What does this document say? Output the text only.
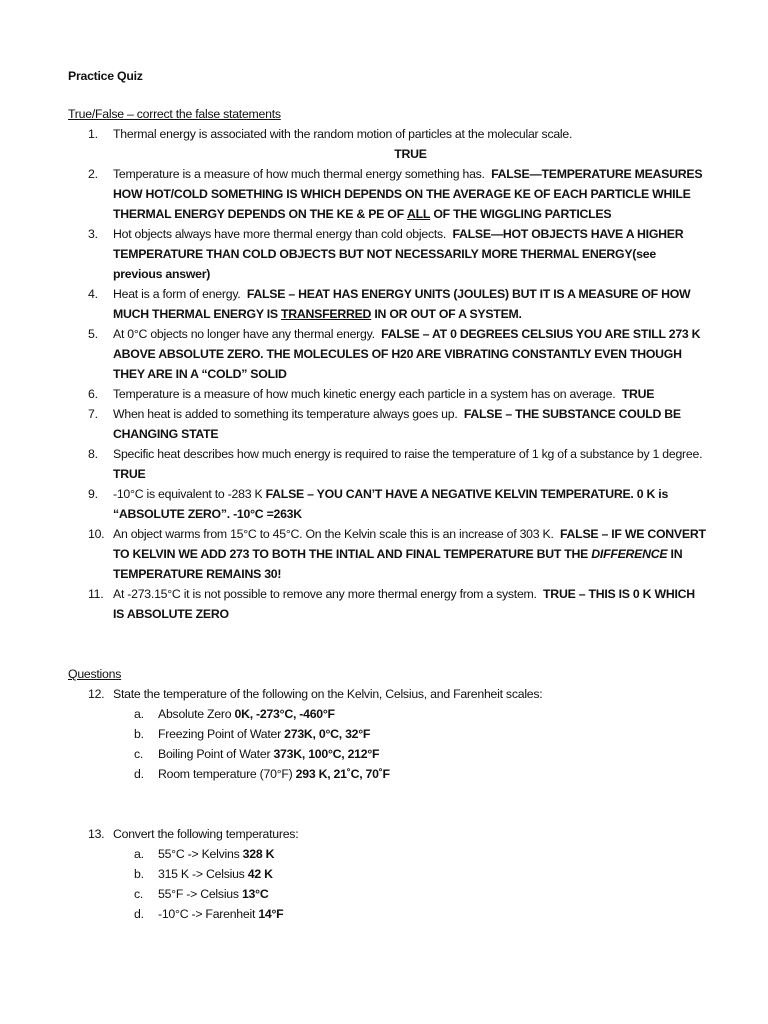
Practice Quiz

True/False – correct the false statements

1.	Thermal energy is associated with the random motion of particles at the molecular scale.
TRUE
2.	Temperature is a measure of how much thermal energy something has. FALSE—TEMPERATURE MEASURES HOW HOT/COLD SOMETHING IS WHICH DEPENDS ON THE AVERAGE KE OF EACH PARTICLE WHILE THERMAL ENERGY DEPENDS ON THE KE & PE OF ALL OF THE WIGGLING PARTICLES
3.	Hot objects always have more thermal energy than cold objects. FALSE—HOT OBJECTS HAVE A HIGHER TEMPERATURE THAN COLD OBJECTS BUT NOT NECESSARILY MORE THERMAL ENERGY(see previous answer)
4.	Heat is a form of energy. FALSE – HEAT HAS ENERGY UNITS (JOULES) BUT IT IS A MEASURE OF HOW MUCH THERMAL ENERGY IS TRANSFERRED IN OR OUT OF A SYSTEM.
5.	At 0°C objects no longer have any thermal energy. FALSE – AT 0 DEGREES CELSIUS YOU ARE STILL 273 K ABOVE ABSOLUTE ZERO. THE MOLECULES OF H20 ARE VIBRATING CONSTANTLY EVEN THOUGH THEY ARE IN A “COLD” SOLID
6.	Temperature is a measure of how much kinetic energy each particle in a system has on average. TRUE
7.	When heat is added to something its temperature always goes up. FALSE – THE SUBSTANCE COULD BE CHANGING STATE
8.	Specific heat describes how much energy is required to raise the temperature of 1 kg of a substance by 1 degree.  TRUE
9.	-10°C is equivalent to -283 K FALSE – YOU CAN’T HAVE A NEGATIVE KELVIN TEMPERATURE. 0 K is “ABSOLUTE ZERO”. -10°C =263K
10. An object warms from 15°C to 45°C. On the Kelvin scale this is an increase of 303 K. FALSE – IF WE CONVERT TO KELVIN WE ADD 273 TO BOTH THE INTIAL AND FINAL TEMPERATURE BUT THE DIFFERENCE IN TEMPERATURE REMAINS 30!
11. At -273.15°C it is not possible to remove any more thermal energy from a system. TRUE – THIS IS 0 K WHICH IS ABSOLUTE ZERO

Questions

12. State the temperature of the following on the Kelvin, Celsius, and Farenheit scales:
a. Absolute Zero 0K, -273°C, -460°F
b. Freezing Point of Water 273K, 0°C, 32°F
c. Boiling Point of Water 373K, 100°C, 212°F
d. Room temperature (70°F) 293 K, 21˚C, 70˚F
13. Convert the following temperatures:
a. 55°C -> Kelvins 328 K
b. 315 K -> Celsius 42 K
c. 55°F -> Celsius 13°C
d. -10°C -> Farenheit 14°F
